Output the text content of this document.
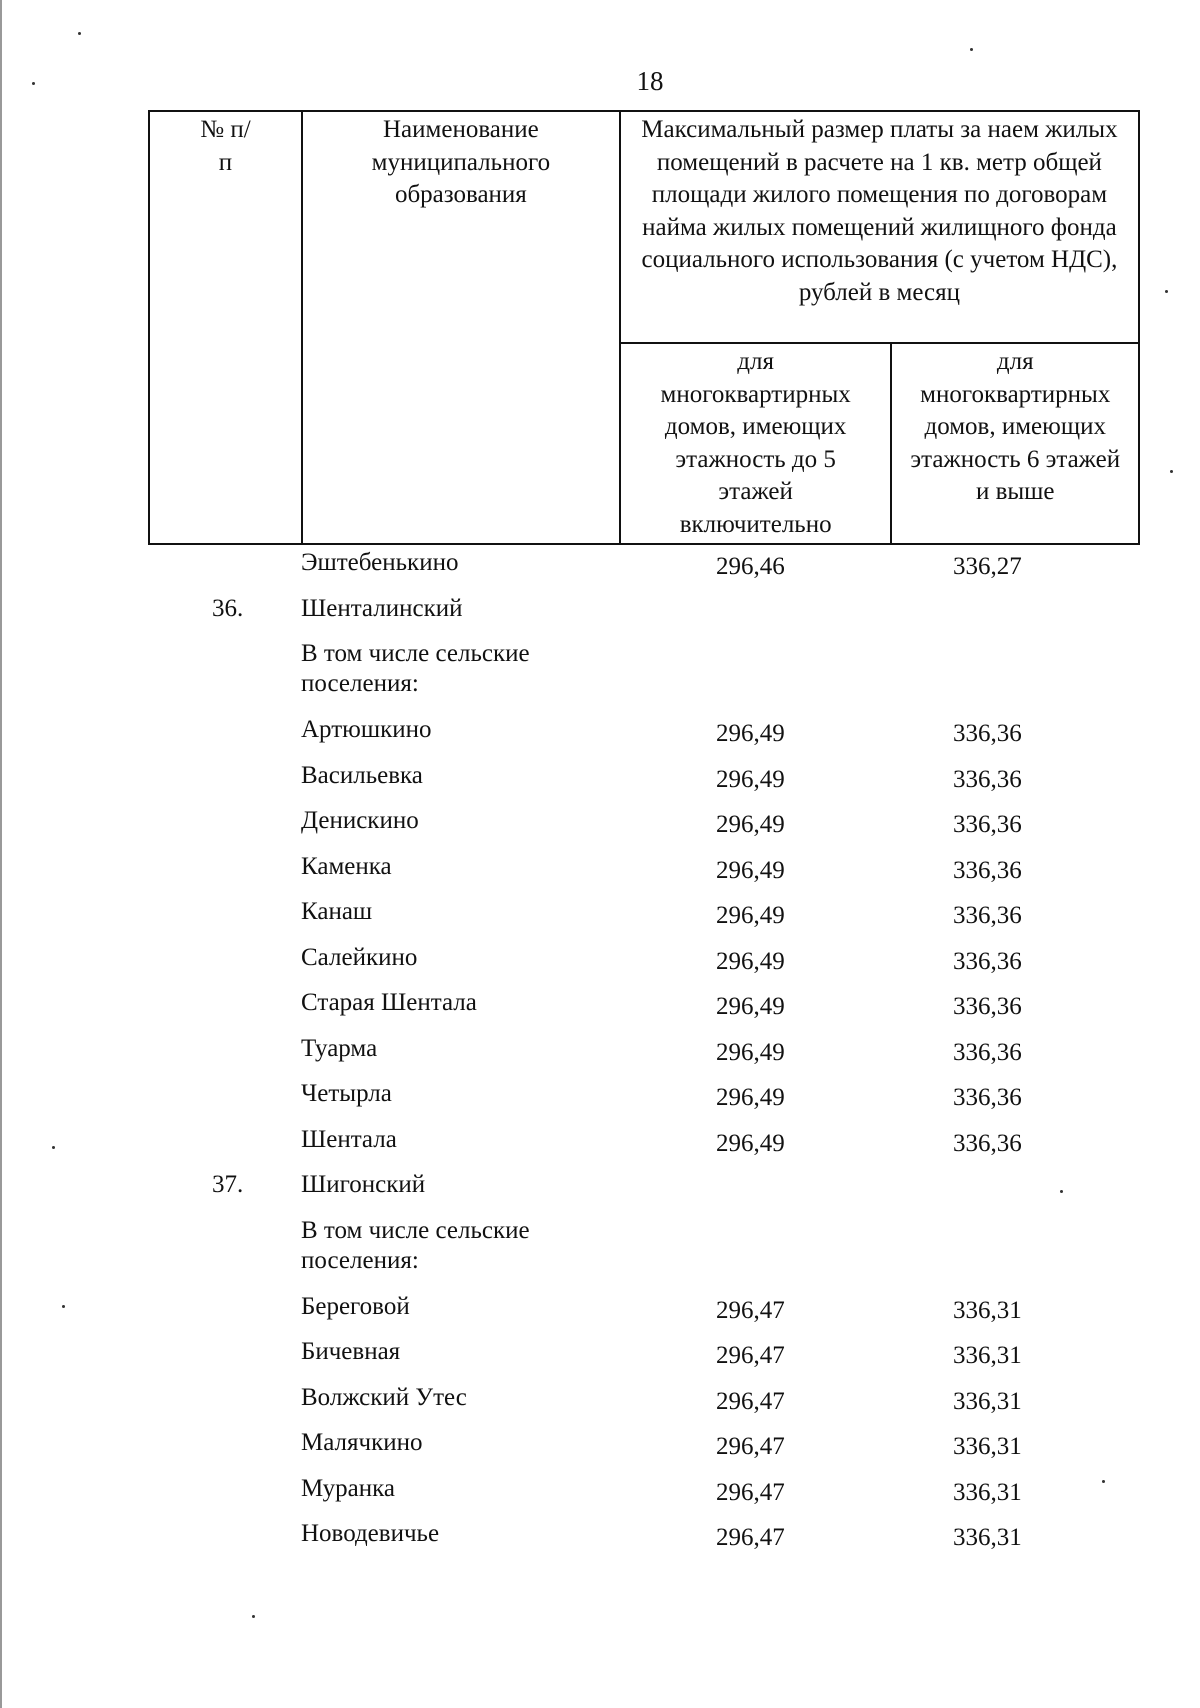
18
№ п/п	Наименование муниципального образования	Максимальный размер платы за наем жилых помещений в расчете на 1 кв. метр общей площади жилого помещения по договорам найма жилых помещений жилищного фонда социального использования (с учетом НДС), рублей в месяц	

		для многоквартирных домов, имеющих этажность до 5 этажей включительно	для многоквартирных домов, имеющих этажность 6 этажей и выше
Эштебенькино	296,46	336,27
36. Шенталинский
В том числе сельские поселения:
Артюшкино	296,49	336,36
Васильевка	296,49	336,36
Денискино	296,49	336,36
Каменка	296,49	336,36
Канаш	296,49	336,36
Салейкино	296,49	336,36
Старая Шентала	296,49	336,36
Туарма	296,49	336,36
Четырла	296,49	336,36
Шентала	296,49	336,36
37. Шигонский
В том числе сельские поселения:
Береговой	296,47	336,31
Бичевная	296,47	336,31
Волжский Утес	296,47	336,31
Малячкино	296,47	336,31
Муранка	296,47	336,31
Новодевичье	296,47	336,31
